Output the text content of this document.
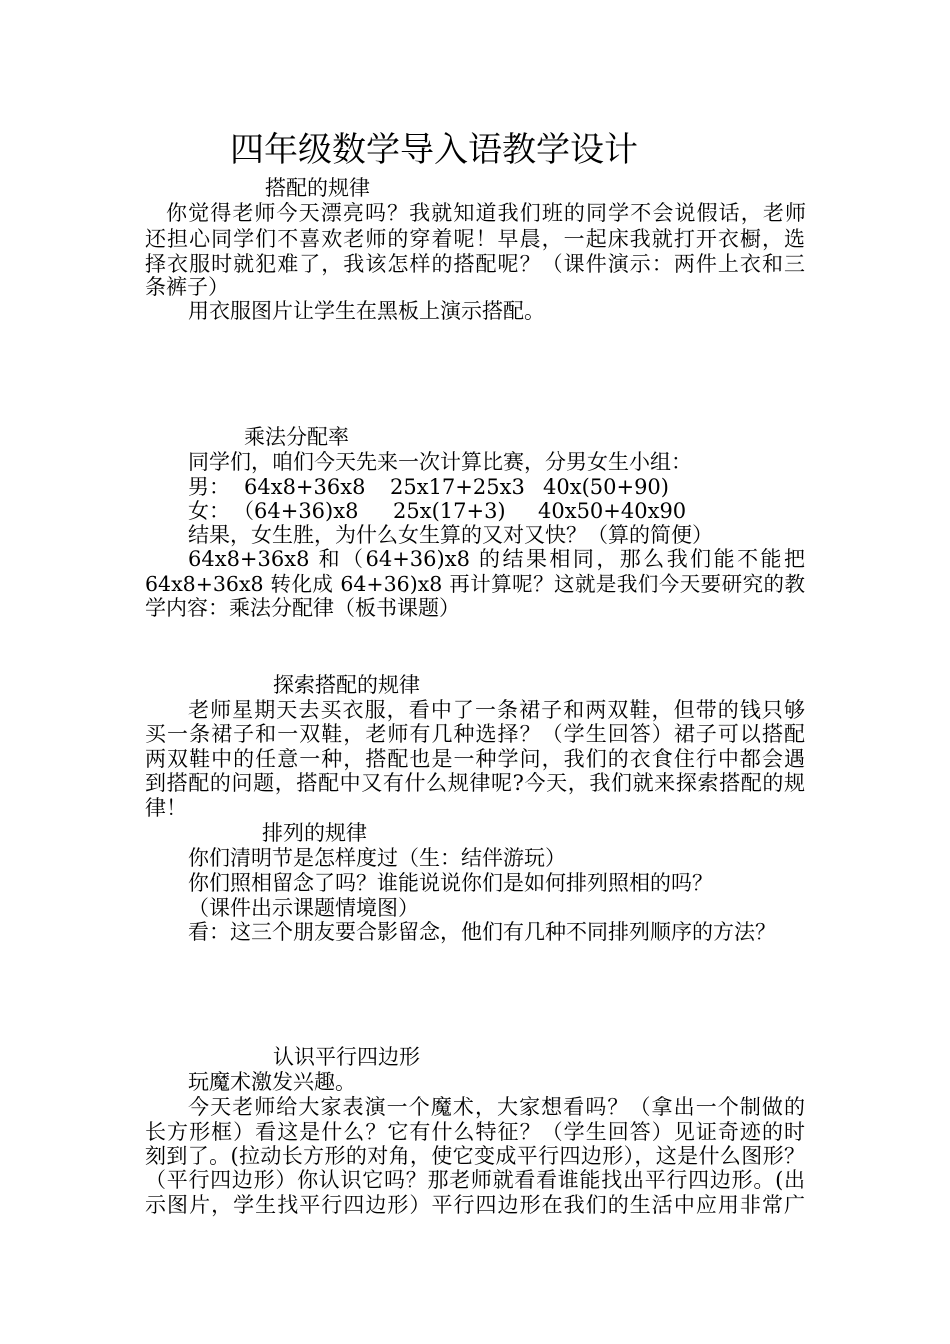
四年级数学导入语教学设计
搭配的规律
你觉得老师今天漂亮吗？我就知道我们班的同学不会说假话，老师
还担心同学们不喜欢老师的穿着呢！早晨，一起床我就打开衣橱，选
择衣服时就犯难了，我该怎样的搭配呢？（课件演示：两件上衣和三
条裤子）
用衣服图片让学生在黑板上演示搭配。
乘法分配率
同学们，咱们今天先来一次计算比赛，分男女生小组：
男： 64x8+36x8 25x17+25x3 40x(50+90)
女： （64+36)x8 25x(17+3) 40x50+40x90
结果，女生胜，为什么女生算的又对又快？（算的简便）
64x8+36x8 和（64+36)x8 的结果相同，那么我们能不能把
64x8+36x8 转化成 64+36)x8 再计算呢？这就是我们今天要研究的教
学内容：乘法分配律（板书课题）
探索搭配的规律
老师星期天去买衣服，看中了一条裙子和两双鞋，但带的钱只够
买一条裙子和一双鞋，老师有几种选择？（学生回答）裙子可以搭配
两双鞋中的任意一种，搭配也是一种学问，我们的衣食住行中都会遇
到搭配的问题，搭配中又有什么规律呢?今天，我们就来探索搭配的规
律！
排列的规律
你们清明节是怎样度过（生：结伴游玩）
你们照相留念了吗？谁能说说你们是如何排列照相的吗？
（课件出示课题情境图）
看：这三个朋友要合影留念，他们有几种不同排列顺序的方法？
认识平行四边形
玩魔术激发兴趣。
今天老师给大家表演一个魔术，大家想看吗？（拿出一个制做的
长方形框）看这是什么？它有什么特征？（学生回答）见证奇迹的时
刻到了。(拉动长方形的对角，使它变成平行四边形），这是什么图形？
（平行四边形）你认识它吗？那老师就看看谁能找出平行四边形。(出
示图片，学生找平行四边形）平行四边形在我们的生活中应用非常广
